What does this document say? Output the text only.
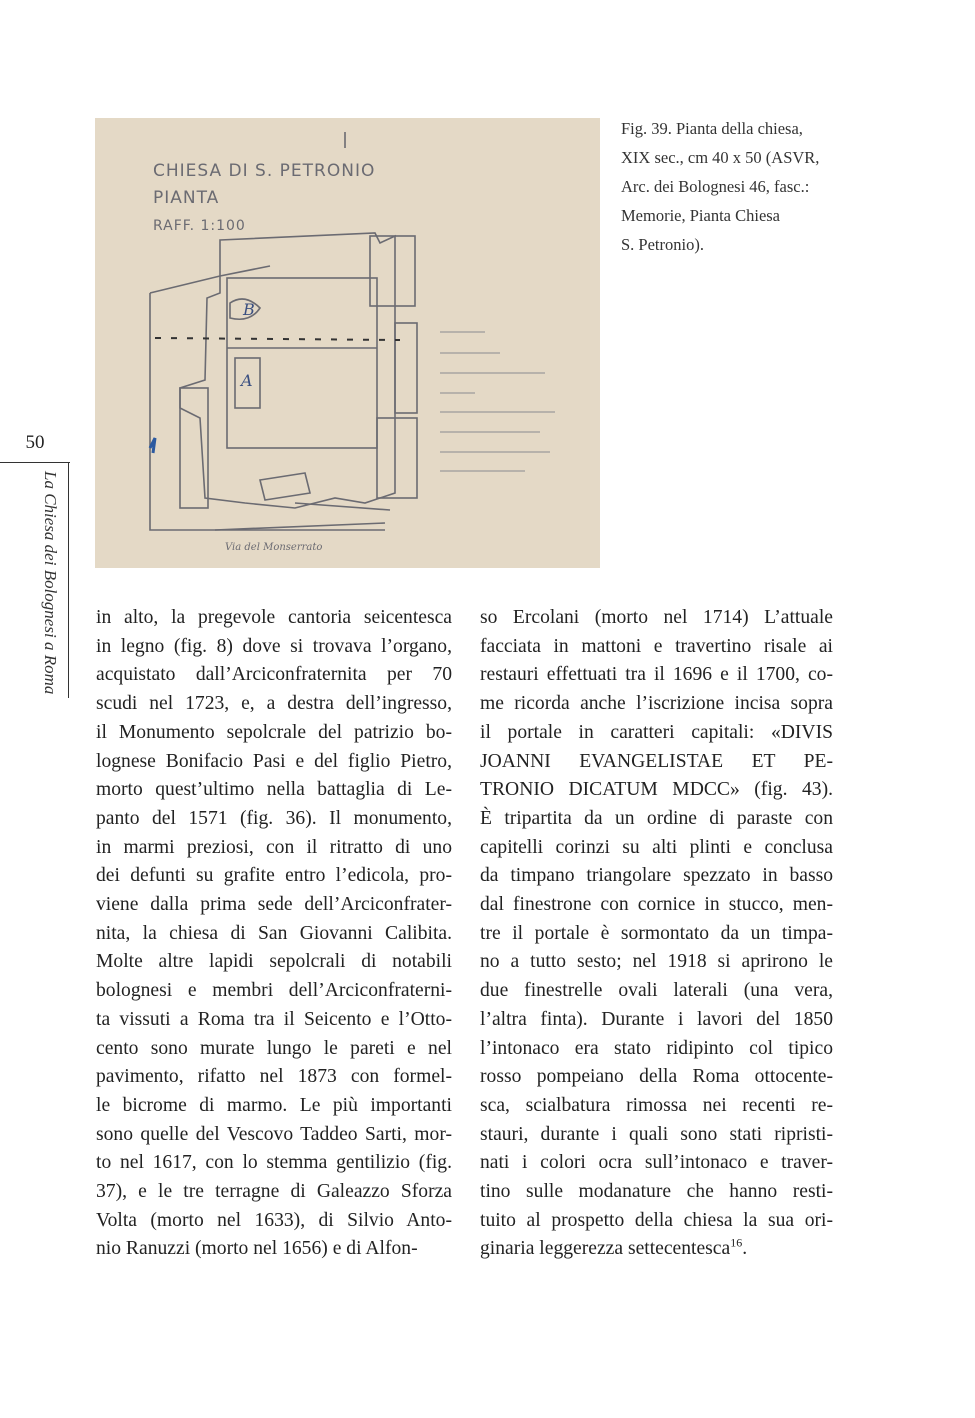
CHIESA DI S. PETRONIO
PIANTA
RAFF. 1:100
B
A
Via del Monserrato
Fig. 39. Pianta della chiesa,
XIX sec., cm 40 x 50 (ASVR,
Arc. dei Bolognesi 46, fasc.:
Memorie, Pianta Chiesa
S. Petronio).
50
La Chiesa dei Bolognesi a Roma in alto, la pregevole cantoria seicentesca
in legno (fig. 8) dove si trovava l’organo,
acquistato dall’Arciconfraternita per 70
scudi nel 1723, e, a destra dell’ingresso,
il Monumento sepolcrale del patrizio bo-
lognese Bonifacio Pasi e del figlio Pietro,
morto quest’ultimo nella battaglia di Le-
panto del 1571 (fig. 36). Il monumento,
in marmi preziosi, con il ritratto di uno
dei defunti su grafite entro l’edicola, pro-
viene dalla prima sede dell’Arciconfrater-
nita, la chiesa di San Giovanni Calibita.
Molte altre lapidi sepolcrali di notabili
bolognesi e membri dell’Arciconfraterni-
ta vissuti a Roma tra il Seicento e l’Otto-
cento sono murate lungo le pareti e nel
pavimento, rifatto nel 1873 con formel-
le bicrome di marmo. Le più importanti
sono quelle del Vescovo Taddeo Sarti, mor-
to nel 1617, con lo stemma gentilizio (fig.
37), e le tre terragne di Galeazzo Sforza
Volta (morto nel 1633), di Silvio Anto-
nio Ranuzzi (morto nel 1656) e di Alfon-
so Ercolani (morto nel 1714) L’attuale
facciata in mattoni e travertino risale ai
restauri effettuati tra il 1696 e il 1700, co-
me ricorda anche l’iscrizione incisa sopra
il portale in caratteri capitali: «DIVIS
JOANNI EVANGELISTAE ET PE-
TRONIO DICATUM MDCC» (fig. 43).
È tripartita da un ordine di paraste con
capitelli corinzi su alti plinti e conclusa
da timpano triangolare spezzato in basso
dal finestrone con cornice in stucco, men-
tre il portale è sormontato da un timpa-
no a tutto sesto; nel 1918 si aprirono le
due finestrelle ovali laterali (una vera,
l’altra finta). Durante i lavori del 1850
l’intonaco era stato ridipinto col tipico
rosso pompeiano della Roma ottocente-
sca, scialbatura rimossa nei recenti re-
stauri, durante i quali sono stati ripristi-
nati i colori ocra sull’intonaco e traver-
tino sulle modanature che hanno resti-
tuito al prospetto della chiesa la sua ori-
ginaria leggerezza settecentesca$^{16}$.
